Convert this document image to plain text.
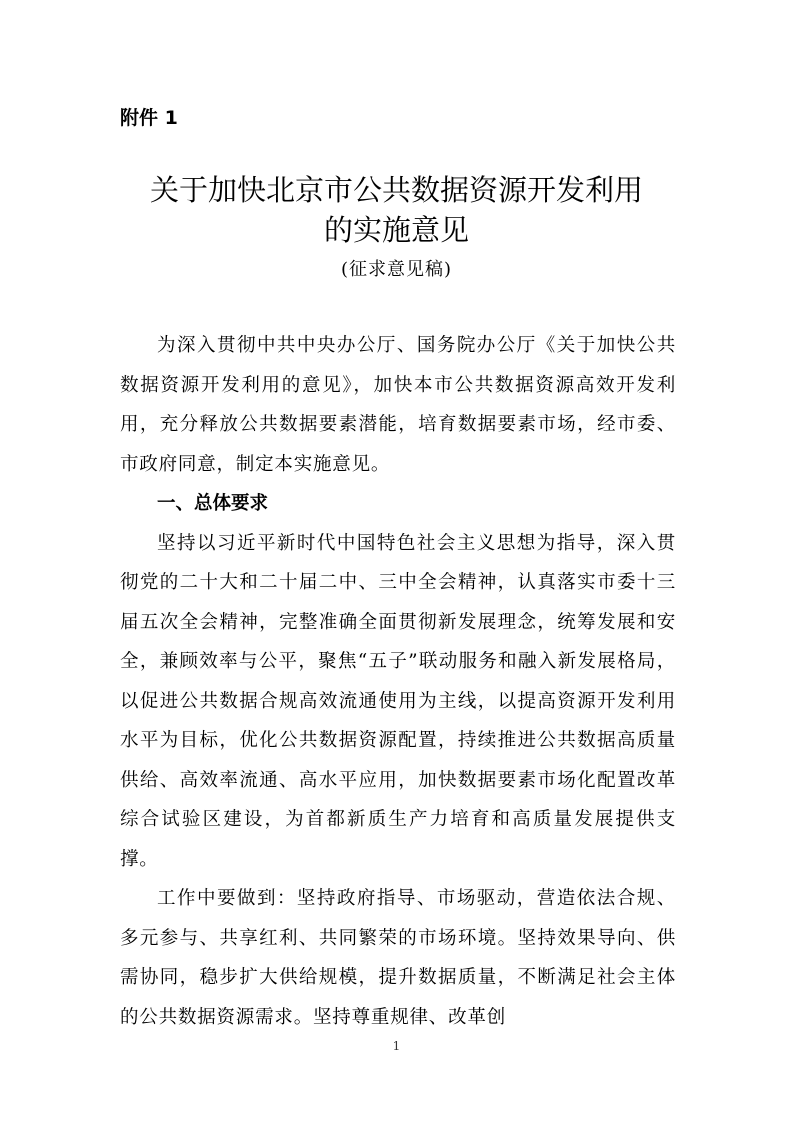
附件 1
关于加快北京市公共数据资源开发利用
的实施意见
(征求意见稿)

为深入贯彻中共中央办公厅、国务院办公厅《关于加快公共数据资源开发利用的意见》，加快本市公共数据资源高效开发利用，充分释放公共数据要素潜能，培育数据要素市场，经市委、市政府同意，制定本实施意见。

一、总体要求

坚持以习近平新时代中国特色社会主义思想为指导，深入贯彻党的二十大和二十届二中、三中全会精神，认真落实市委十三届五次全会精神，完整准确全面贯彻新发展理念，统筹发展和安全，兼顾效率与公平，聚焦“五子”联动服务和融入新发展格局，以促进公共数据合规高效流通使用为主线，以提高资源开发利用水平为目标，优化公共数据资源配置，持续推进公共数据高质量供给、高效率流通、高水平应用，加快数据要素市场化配置改革综合试验区建设，为首都新质生产力培育和高质量发展提供支撑。

工作中要做到：坚持政府指导、市场驱动，营造依法合规、多元参与、共享红利、共同繁荣的市场环境。坚持效果导向、供需协同，稳步扩大供给规模，提升数据质量，不断满足社会主体的公共数据资源需求。坚持尊重规律、改革创

1
